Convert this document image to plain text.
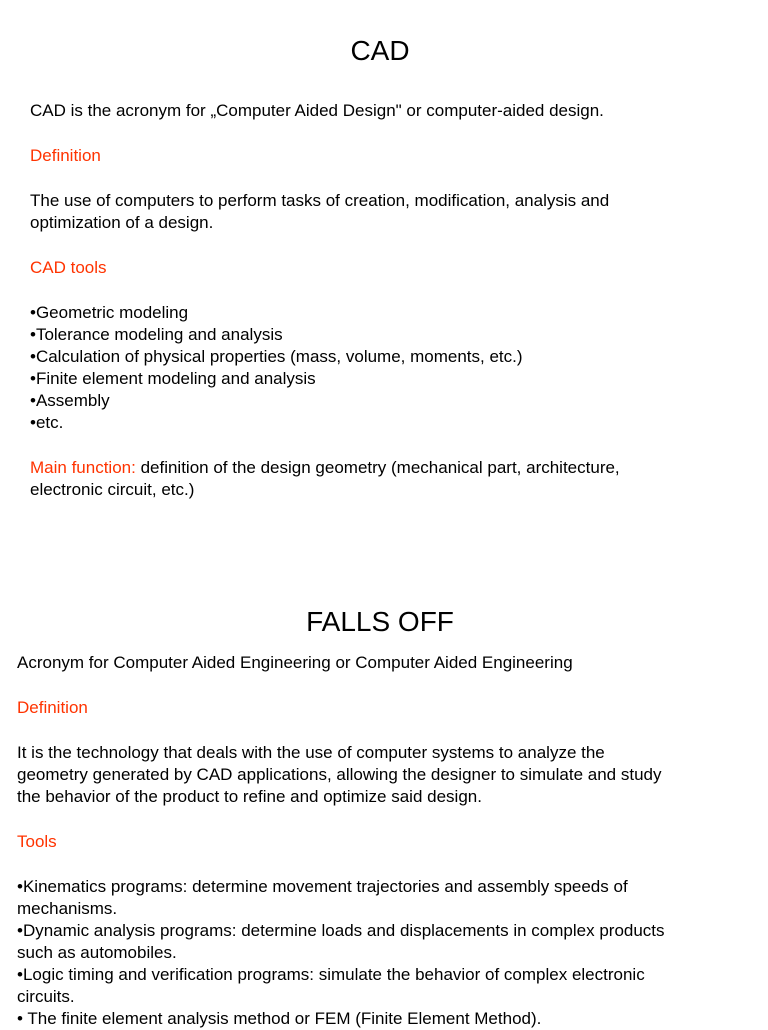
CAD
CAD is the acronym for „Computer Aided Design" or computer-aided design.
Definition
The use of computers to perform tasks of creation, modification, analysis and
optimization of a design.
CAD tools
•Geometric modeling
•Tolerance modeling and analysis
•Calculation of physical properties (mass, volume, moments, etc.)
•Finite element modeling and analysis
•Assembly
•etc.
Main function: definition of the design geometry (mechanical part, architecture,
electronic circuit, etc.)
FALLS OFF
Acronym for Computer Aided Engineering or Computer Aided Engineering
Definition
It is the technology that deals with the use of computer systems to analyze the
geometry generated by CAD applications, allowing the designer to simulate and study
the behavior of the product to refine and optimize said design.
Tools
•Kinematics programs: determine movement trajectories and assembly speeds of
mechanisms.
•Dynamic analysis programs: determine loads and displacements in complex products
such as automobiles.
•Logic timing and verification programs: simulate the behavior of complex electronic
circuits.
• The finite element analysis method or FEM (Finite Element Method).
